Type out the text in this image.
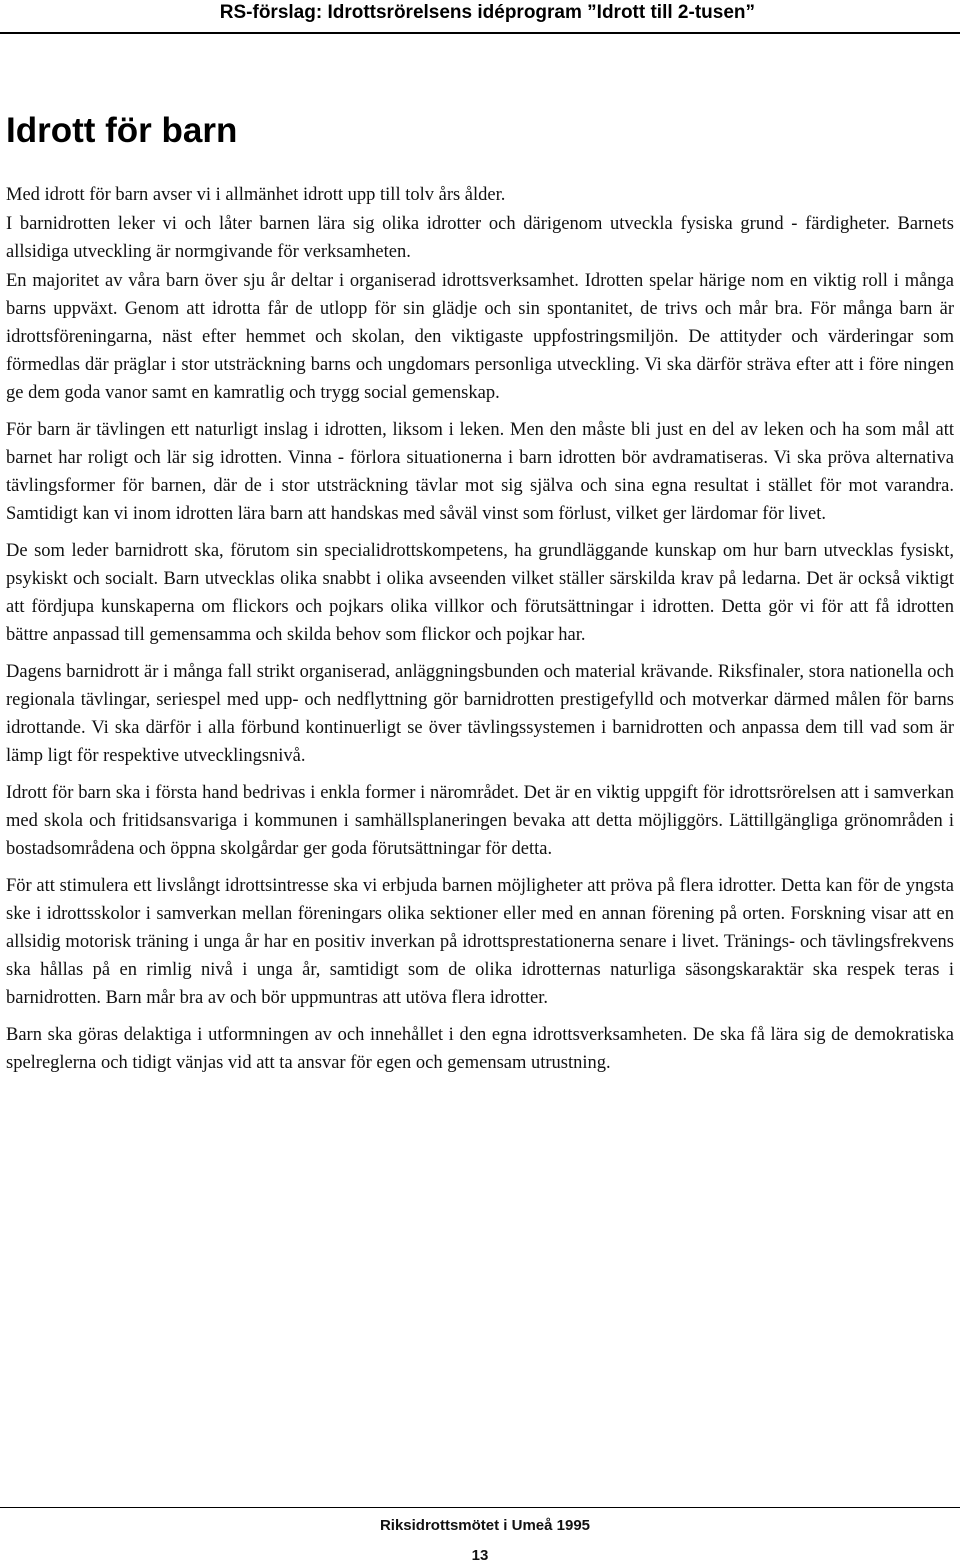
RS-förslag: Idrottsrörelsens idéprogram ”Idrott till 2-tusen”
Idrott för barn

Med idrott för barn avser vi i allmänhet idrott upp till tolv års ålder.

I barnidrotten leker vi och låter barnen lära sig olika idrotter och därigenom utveckla fysiska grund - färdigheter. Barnets allsidiga utveckling är normgivande för verksamheten.

En majoritet av våra barn över sju år deltar i organiserad idrottsverksamhet. Idrotten spelar härige nom en viktig roll i många barns uppväxt. Genom att idrotta får de utlopp för sin glädje och sin spontanitet, de trivs och mår bra. För många barn är idrottsföreningarna, näst efter hemmet och skolan, den viktigaste uppfostringsmiljön. De attityder och värderingar som förmedlas där präglar i stor utsträckning barns och ungdomars personliga utveckling. Vi ska därför sträva efter att i före ningen ge dem goda vanor samt en kamratlig och trygg social gemenskap.

För barn är tävlingen ett naturligt inslag i idrotten, liksom i leken. Men den måste bli just en del av leken och ha som mål att barnet har roligt och lär sig idrotten. Vinna - förlora situationerna i barn idrotten bör avdramatiseras. Vi ska pröva alternativa tävlingsformer för barnen, där de i stor utsträckning tävlar mot sig själva och sina egna resultat i stället för mot varandra. Samtidigt kan vi inom idrotten lära barn att handskas med såväl vinst som förlust, vilket ger lärdomar för livet.

De som leder barnidrott ska, förutom sin specialidrottskompetens, ha grundläggande kunskap om hur barn utvecklas fysiskt, psykiskt och socialt. Barn utvecklas olika snabbt i olika avseenden vilket ställer särskilda krav på ledarna. Det är också viktigt att fördjupa kunskaperna om flickors och pojkars olika villkor och förutsättningar i idrotten. Detta gör vi för att få idrotten bättre anpassad till gemensamma och skilda behov som flickor och pojkar har.

Dagens barnidrott är i många fall strikt organiserad, anläggningsbunden och material krävande. Riksfinaler, stora nationella och regionala tävlingar, seriespel med upp- och nedflyttning gör barnidrotten prestigefylld och motverkar därmed målen för barns idrottande. Vi ska därför i alla förbund kontinuerligt se över tävlingssystemen i barnidrotten och anpassa dem till vad som är lämp ligt för respektive utvecklingsnivå.

Idrott för barn ska i första hand bedrivas i enkla former i närområdet. Det är en viktig uppgift för idrottsrörelsen att i samverkan med skola och fritidsansvariga i kommunen i samhällsplaneringen bevaka att detta möjliggörs. Lättillgängliga grönområden i bostadsområdena och öppna skolgårdar ger goda förutsättningar för detta.

För att stimulera ett livslångt idrottsintresse ska vi erbjuda barnen möjligheter att pröva på flera idrotter. Detta kan för de yngsta ske i idrottsskolor i samverkan mellan föreningars olika sektioner eller med en annan förening på orten. Forskning visar att en allsidig motorisk träning i unga år har en positiv inverkan på idrottsprestationerna senare i livet. Tränings- och tävlingsfrekvens ska hållas på en rimlig nivå i unga år, samtidigt som de olika idrotternas naturliga säsongskaraktär ska respek teras i barnidrotten. Barn mår bra av och bör uppmuntras att utöva flera idrotter.

Barn ska göras delaktiga i utformningen av och innehållet i den egna idrottsverksamheten. De ska få lära sig de demokratiska spelreglerna och tidigt vänjas vid att ta ansvar för egen och gemensam utrustning.

Riksidrottsmötet i Umeå 1995
13
